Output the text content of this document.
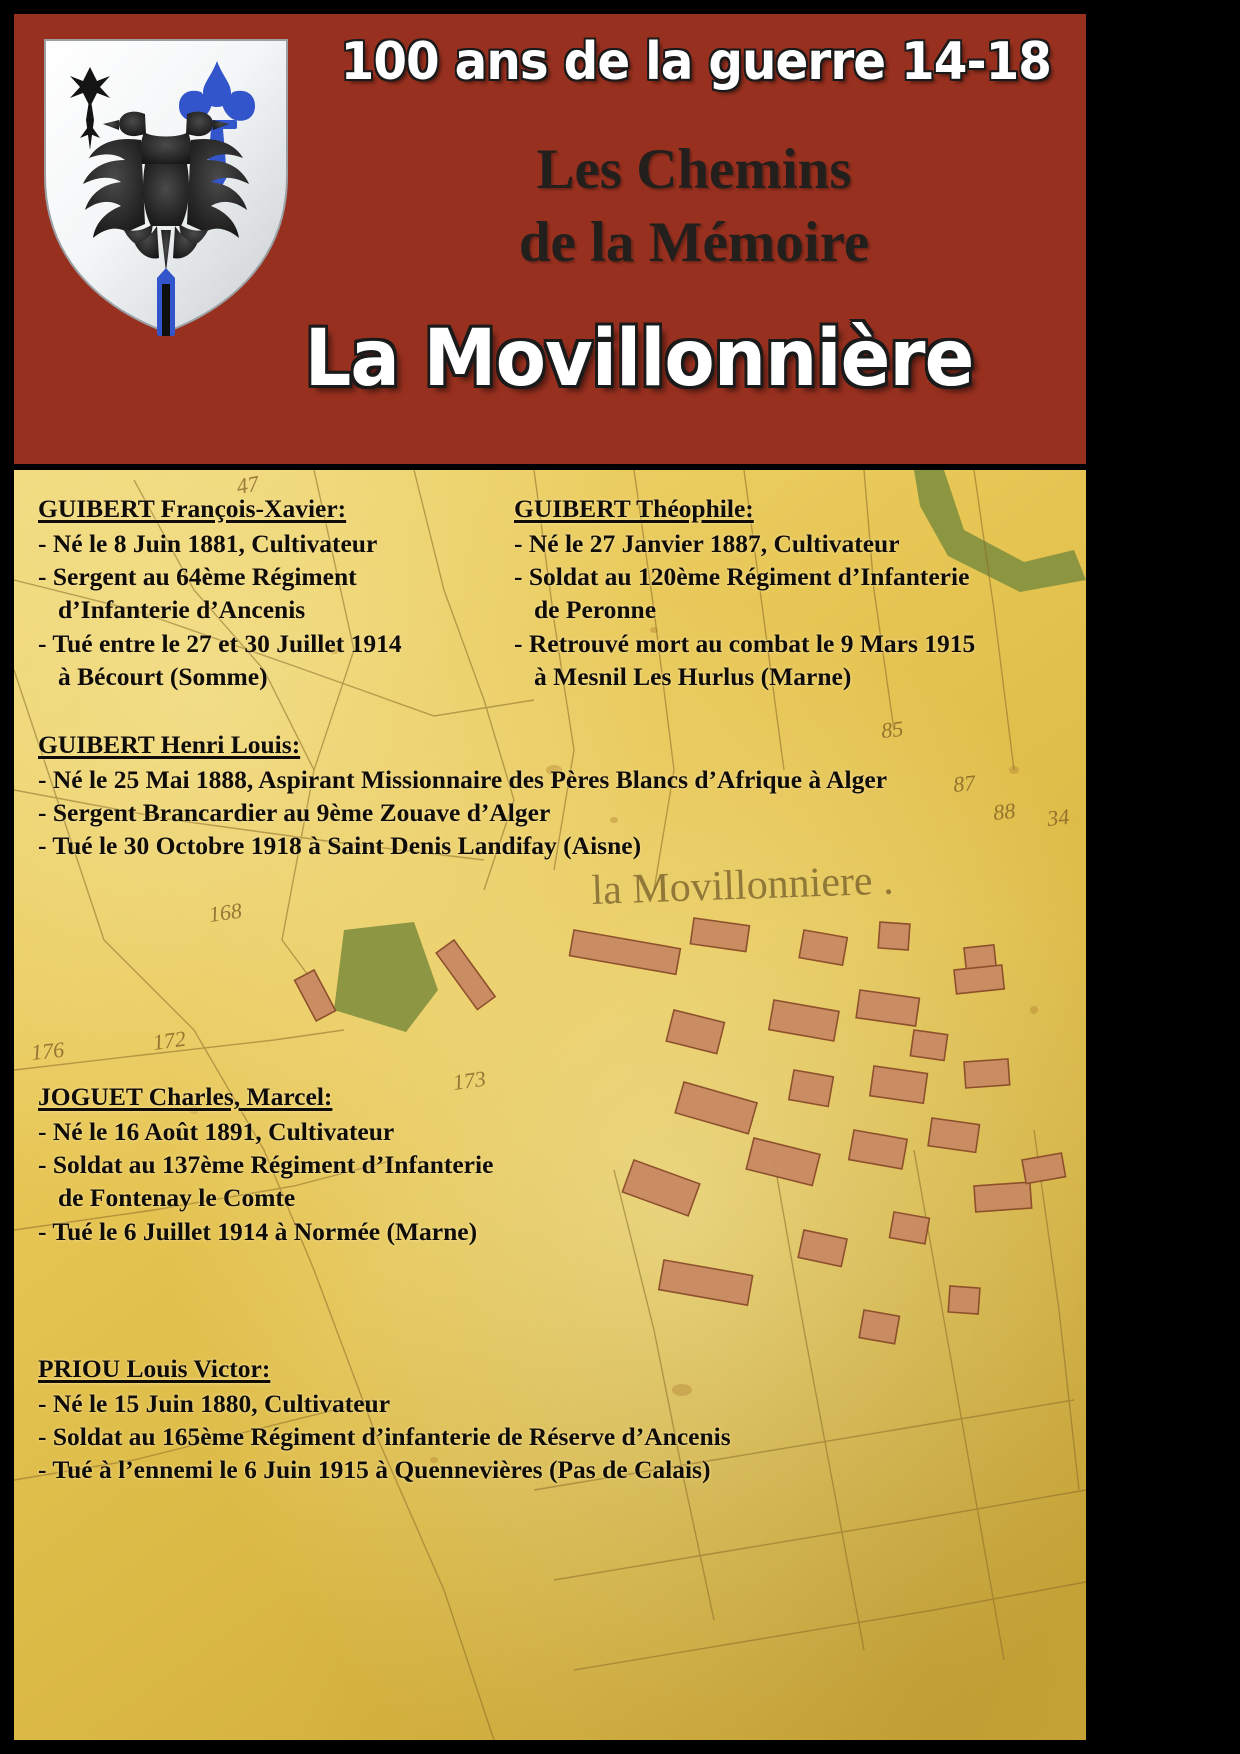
100 ans de la guerre 14-18
Les Chemins
de la Mémoire
La Movillonnière
47
168
172
176
173
85
87
88 34
la Movillonniere .
GUIBERT François-Xavier:
- Né le 8 Juin 1881, Cultivateur
- Sergent au 64ème Régiment
d’Infanterie d’Ancenis
- Tué entre le 27 et 30 Juillet 1914
à Bécourt (Somme)
GUIBERT Théophile:
- Né le 27 Janvier 1887, Cultivateur
- Soldat au 120ème Régiment d’Infanterie
de Peronne
- Retrouvé mort au combat le 9 Mars 1915
à Mesnil Les Hurlus (Marne)
GUIBERT Henri Louis:
- Né le 25 Mai 1888, Aspirant Missionnaire des Pères Blancs d’Afrique à Alger
- Sergent Brancardier au 9ème Zouave d’Alger
- Tué le 30 Octobre 1918 à Saint Denis Landifay (Aisne)
JOGUET Charles, Marcel:
- Né le 16 Août 1891, Cultivateur
- Soldat au 137ème Régiment d’Infanterie
de Fontenay le Comte
- Tué le 6 Juillet 1914 à Normée (Marne)
PRIOU Louis Victor:
- Né le 15 Juin 1880, Cultivateur
- Soldat au 165ème Régiment d’infanterie de Réserve d’Ancenis
- Tué à l’ennemi le 6 Juin 1915 à Quennevières (Pas de Calais)
